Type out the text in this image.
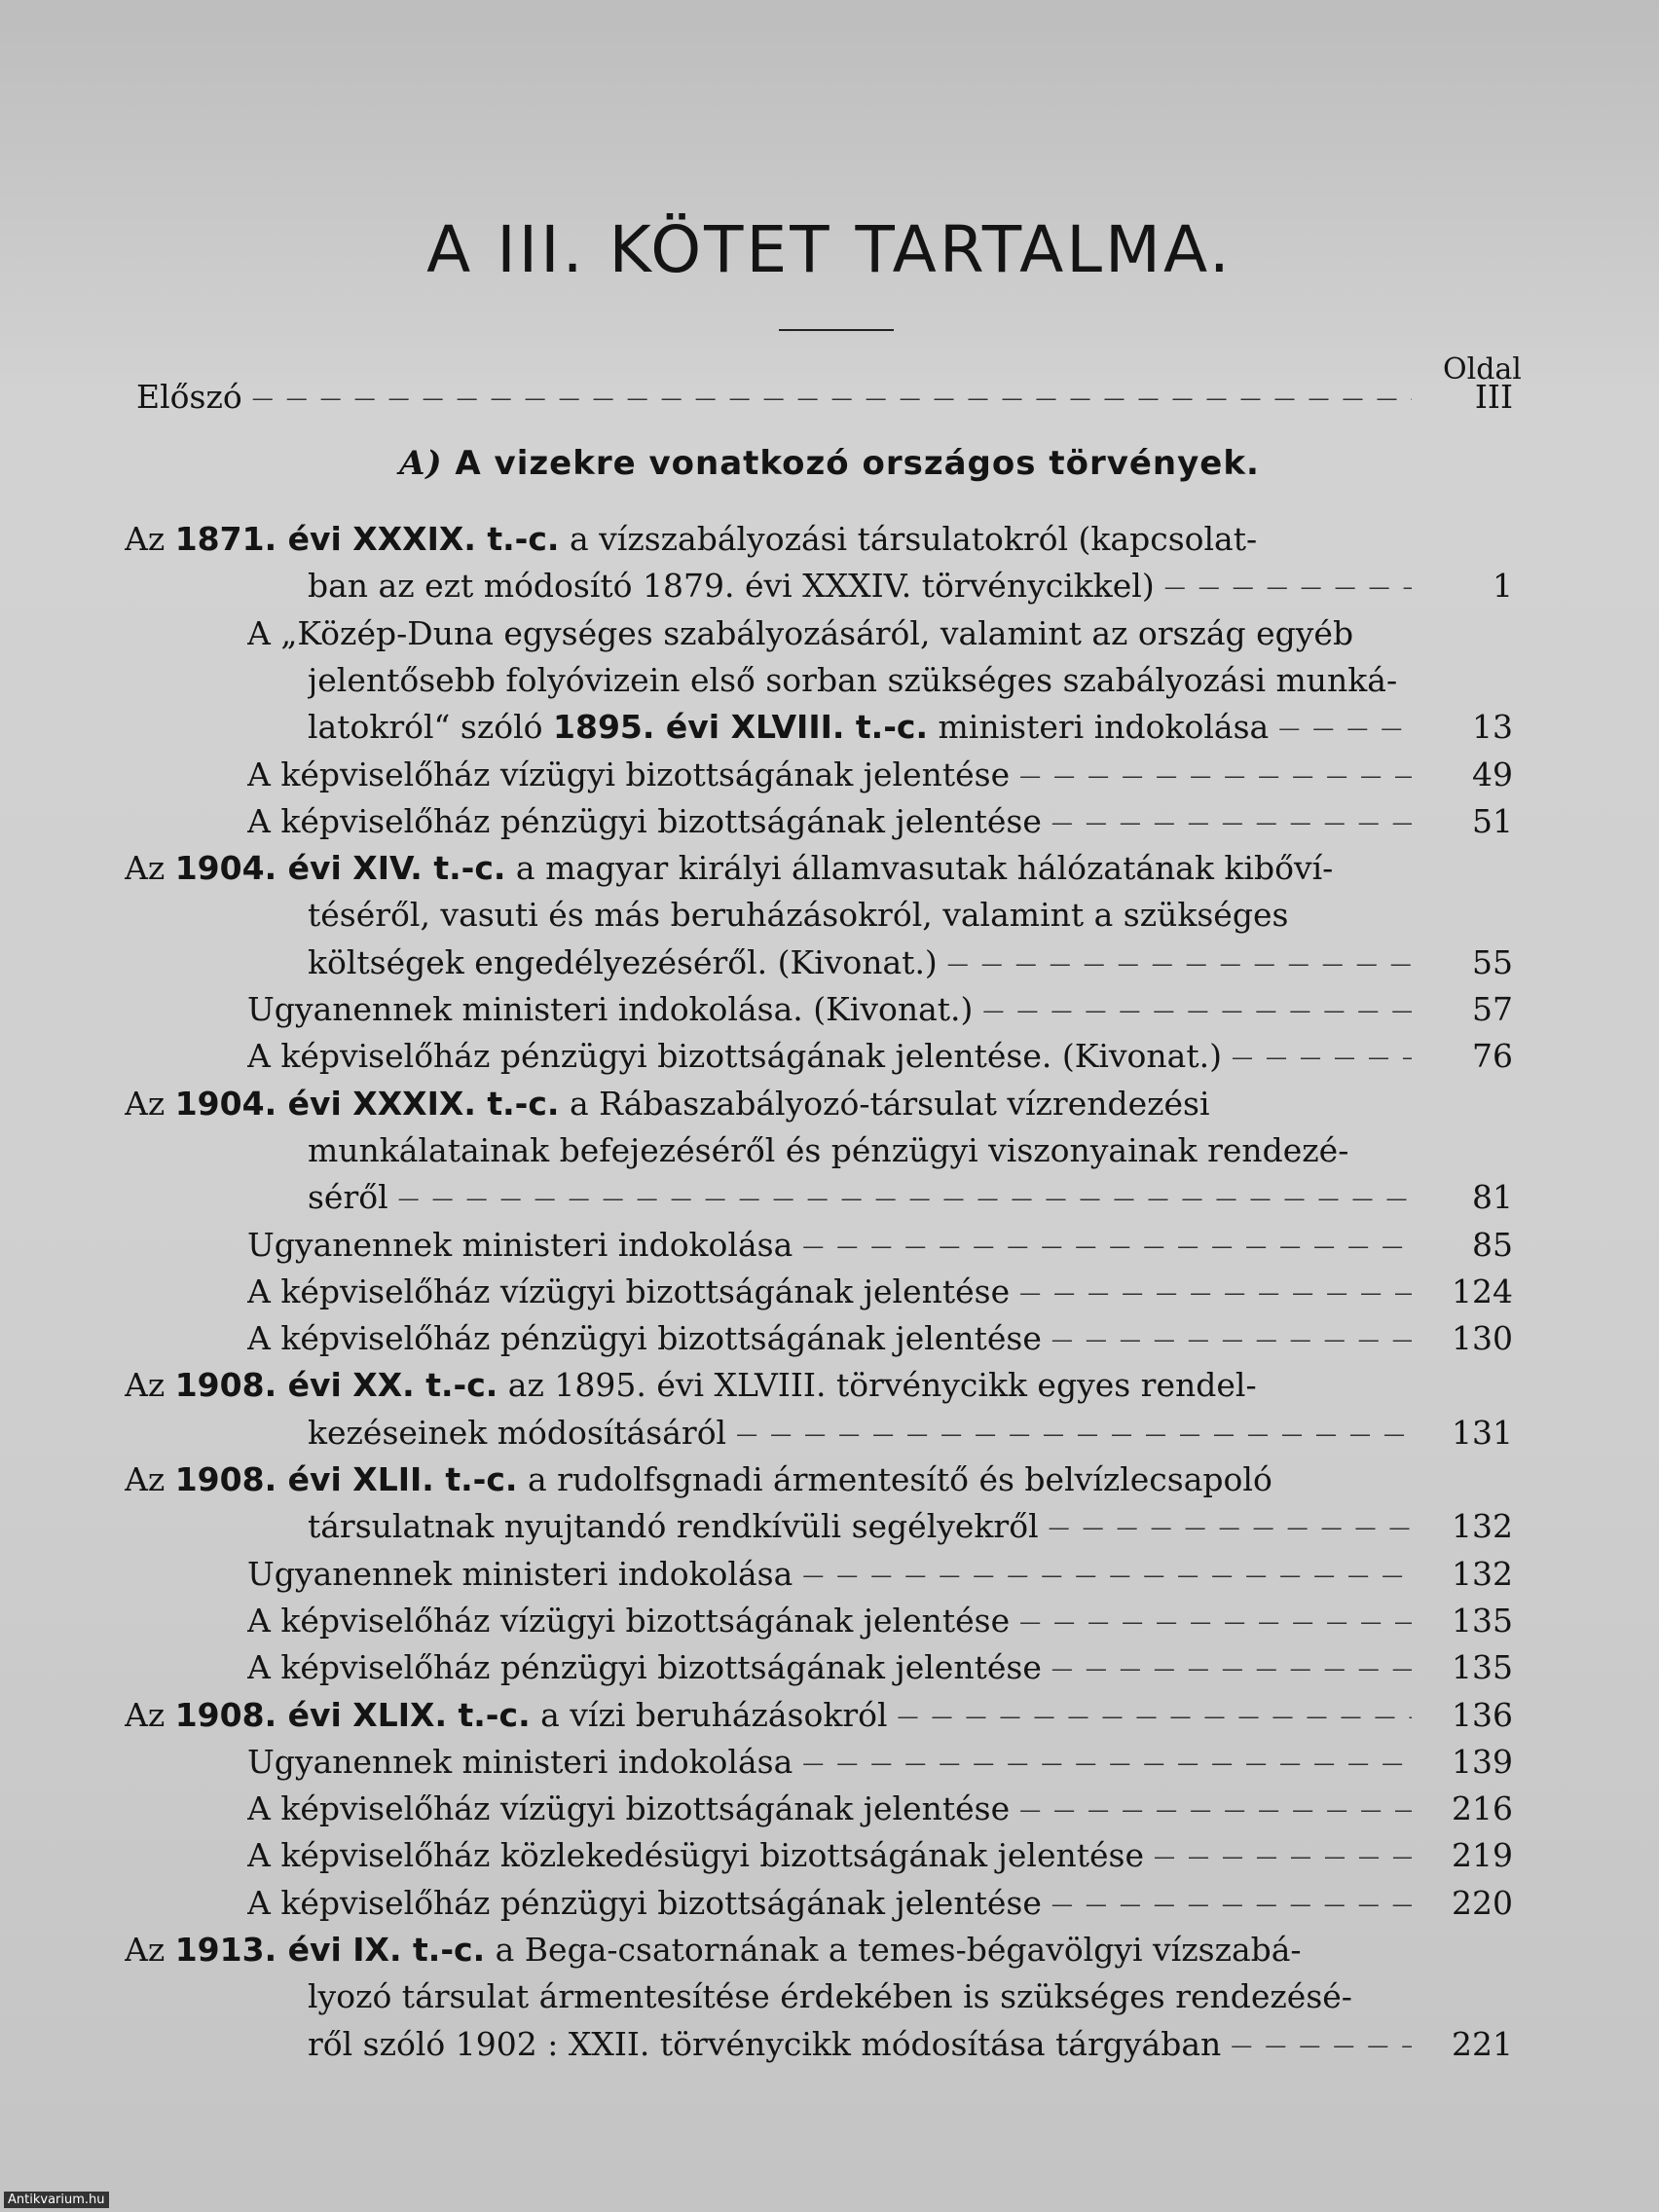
A III. KÖTET TARTALMA.
Oldal
A) A vizekre vonatkozó országos törvények.
Előszó — — —	III
Az 1871. évi XXXIX. t.-c. a vízszabályozási társulatokról (kapcsolat-
ban az ezt módosító 1879. évi XXXIV. törvénycikkel) — — —	1
A „Közép-Duna egységes szabályozásáról, valamint az ország egyéb
jelentősebb folyóvizein első sorban szükséges szabályozási munká-
latokról“ szóló 1895. évi XLVIII. t.-c. ministeri indokolása — — —	13
A képviselőház vízügyi bizottságának jelentése — — —	49
A képviselőház pénzügyi bizottságának jelentése — — —	51
Az 1904. évi XIV. t.-c. a magyar királyi államvasutak hálózatának kibőví-
téséről, vasuti és más beruházásokról, valamint a szükséges
költségek engedélyezéséről. (Kivonat.) — — —	55
Ugyanennek ministeri indokolása. (Kivonat.) — — —	57
A képviselőház pénzügyi bizottságának jelentése. (Kivonat.) — — —	76
Az 1904. évi XXXIX. t.-c. a Rábaszabályozó-társulat vízrendezési
munkálatainak befejezéséről és pénzügyi viszonyainak rendezé-
séről — — —	81
Ugyanennek ministeri indokolása — — —	85
A képviselőház vízügyi bizottságának jelentése — — —	124
A képviselőház pénzügyi bizottságának jelentése — — —	130
Az 1908. évi XX. t.-c. az 1895. évi XLVIII. törvénycikk egyes rendel-
kezéseinek módosításáról — — —	131
Az 1908. évi XLII. t.-c. a rudolfsgnadi ármentesítő és belvízlecsapoló
társulatnak nyujtandó rendkívüli segélyekről — — —	132
Ugyanennek ministeri indokolása — — —	132
A képviselőház vízügyi bizottságának jelentése — — —	135
A képviselőház pénzügyi bizottságának jelentése — — —	135
Az 1908. évi XLIX. t.-c. a vízi beruházásokról — — —	136
Ugyanennek ministeri indokolása — — —	139
A képviselőház vízügyi bizottságának jelentése — — —	216
A képviselőház közlekedésügyi bizottságának jelentése — — —	219
A képviselőház pénzügyi bizottságának jelentése — — —	220
Az 1913. évi IX. t.-c. a Bega-csatornának a temes-bégavölgyi vízszabá-
lyozó társulat ármentesítése érdekében is szükséges rendezésé-
ről szóló 1902 : XXII. törvénycikk módosítása tárgyában — — —	221
Antikvarium.hu
